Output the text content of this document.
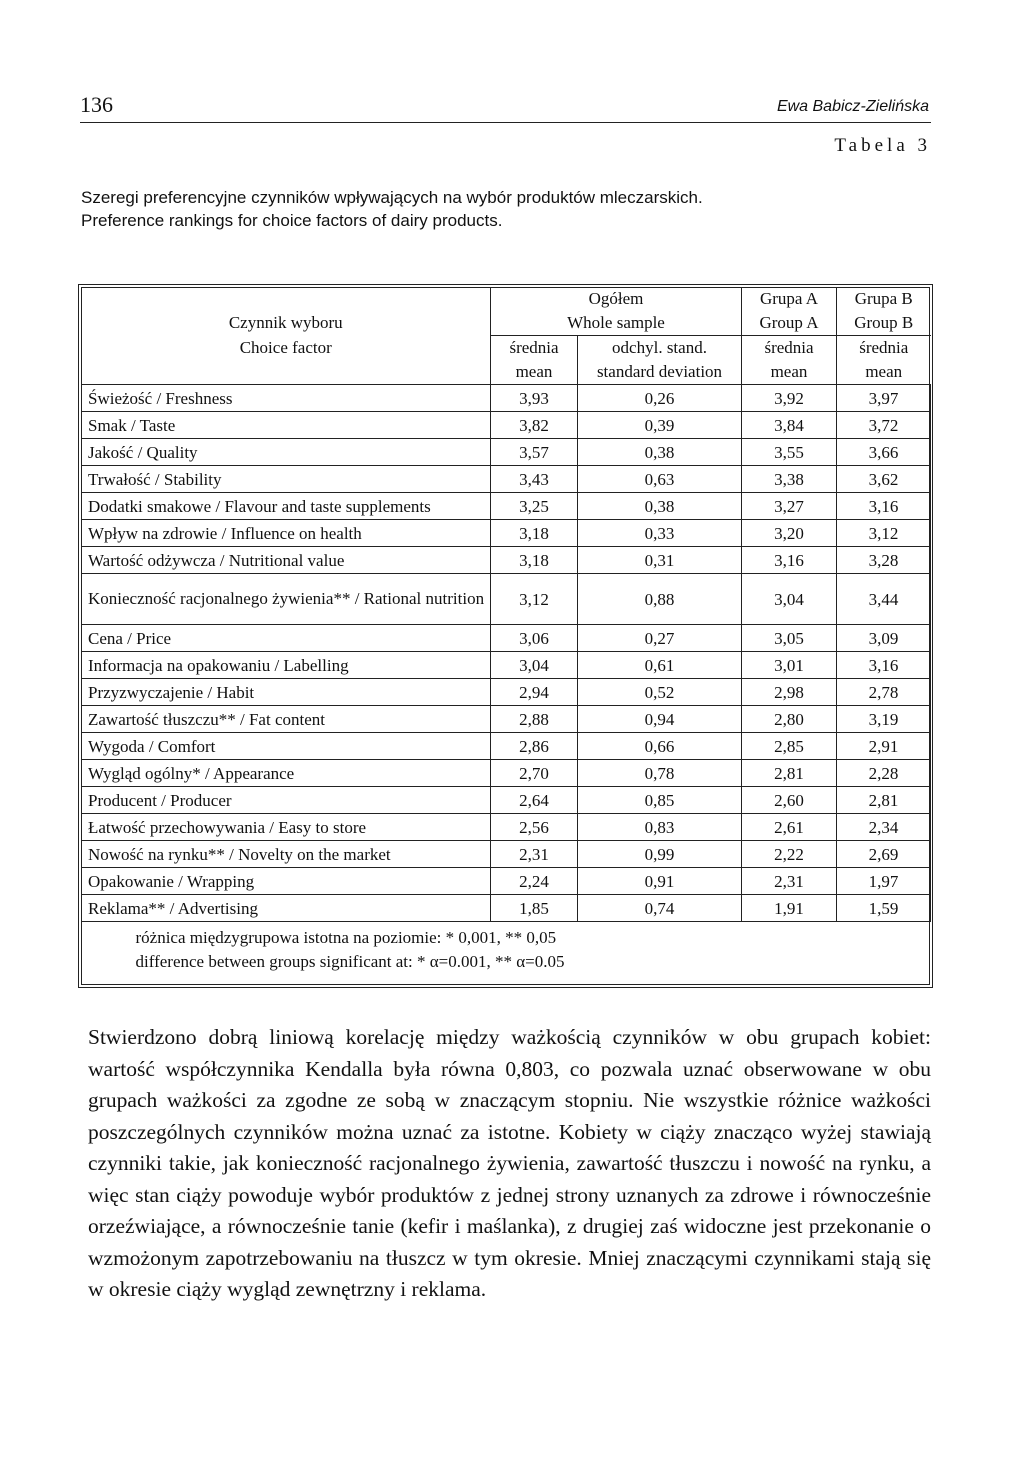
136	Ewa Babicz-Zielińska
Tabela 3
Szeregi preferencyjne czynników wpływających na wybór produktów mleczarskich.
Preference rankings for choice factors of dairy products.
	Ogółem		Grupa A	Grupa B
Czynnik wyboru	Whole sample		Group A	Group B
Choice factor	średnia	odchyl. stand.	średnia	średnia
	mean	standard deviation	mean	mean
Świeżość / Freshness	3,93	0,26	3,92	3,97
Smak / Taste	3,82	0,39	3,84	3,72
Jakość / Quality	3,57	0,38	3,55	3,66
Trwałość / Stability	3,43	0,63	3,38	3,62
Dodatki smakowe / Flavour and taste supplements	3,25	0,38	3,27	3,16
Wpływ na zdrowie / Influence on health	3,18	0,33	3,20	3,12
Wartość odżywcza / Nutritional value	3,18	0,31	3,16	3,28
Konieczność racjonalnego żywienia** / Rational nutrition	3,12	0,88	3,04	3,44
Cena / Price	3,06	0,27	3,05	3,09
Informacja na opakowaniu / Labelling	3,04	0,61	3,01	3,16
Przyzwyczajenie / Habit	2,94	0,52	2,98	2,78
Zawartość tłuszczu** / Fat content	2,88	0,94	2,80	3,19
Wygoda / Comfort	2,86	0,66	2,85	2,91
Wygląd ogólny* / Appearance	2,70	0,78	2,81	2,28
Producent / Producer	2,64	0,85	2,60	2,81
Łatwość przechowywania / Easy to store	2,56	0,83	2,61	2,34
Nowość na rynku** / Novelty on the market	2,31	0,99	2,22	2,69
Opakowanie / Wrapping	2,24	0,91	2,31	1,97
Reklama** / Advertising	1,85	0,74	1,91	1,59

różnica międzygrupowa istotna na poziomie: * 0,001, ** 0,05
difference between groups significant at: * α=0.001, ** α=0.05				
Stwierdzono dobrą liniową korelację między ważkością czynników w obu grupach kobiet: wartość współczynnika Kendalla była równa 0,803, co pozwala uznać obserwowane w obu grupach ważkości za zgodne ze sobą w znaczącym stopniu. Nie wszystkie różnice ważkości poszczególnych czynników można uznać za istotne. Kobiety w ciąży znacząco wyżej stawiają czynniki takie, jak konieczność racjonalnego żywienia, zawartość tłuszczu i nowość na rynku, a więc stan ciąży powoduje wybór produktów z jednej strony uznanych za zdrowe i równocześnie orzeźwiające, a równocześnie tanie (kefir i maślanka), z drugiej zaś widoczne jest przekonanie o wzmożonym zapotrzebowaniu na tłuszcz w tym okresie. Mniej znaczącymi czynnikami stają się w okresie ciąży wygląd zewnętrzny i reklama.
